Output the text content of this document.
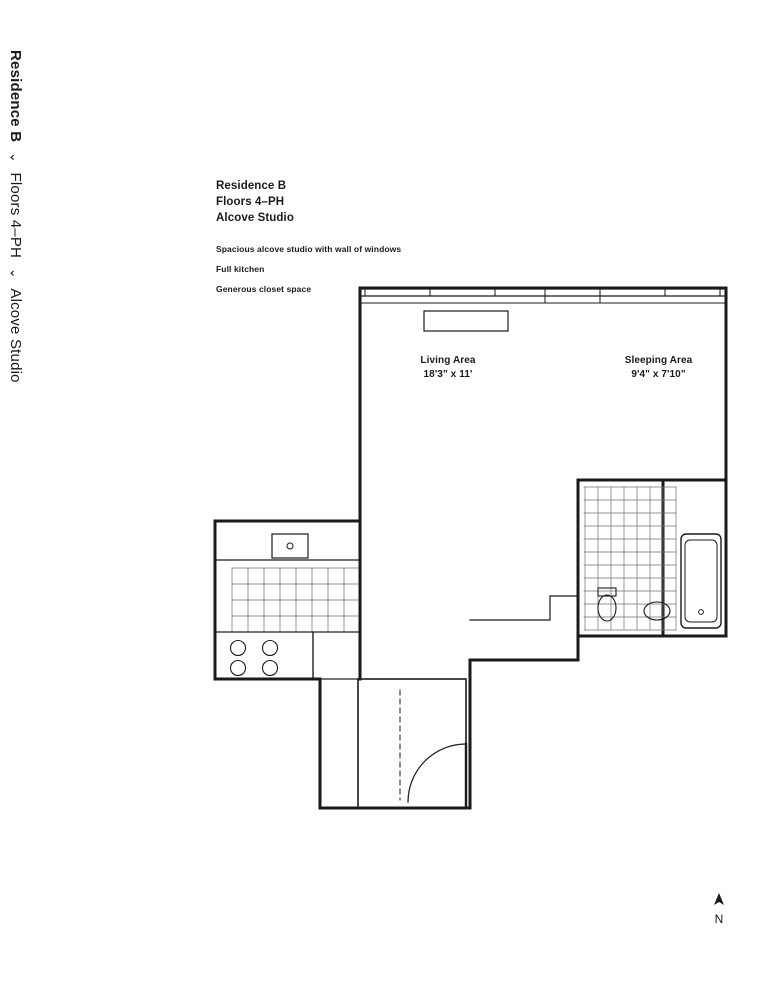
Residence B
⌄
Floors 4–PH
⌄
Alcove Studio
Residence B
Floors 4–PH
Alcove Studio
Spacious alcove studio with wall of windows
Full kitchen
Generous closet space
Living Area
18'3" x 11'
Sleeping Area
9'4" x 7'10"
N
